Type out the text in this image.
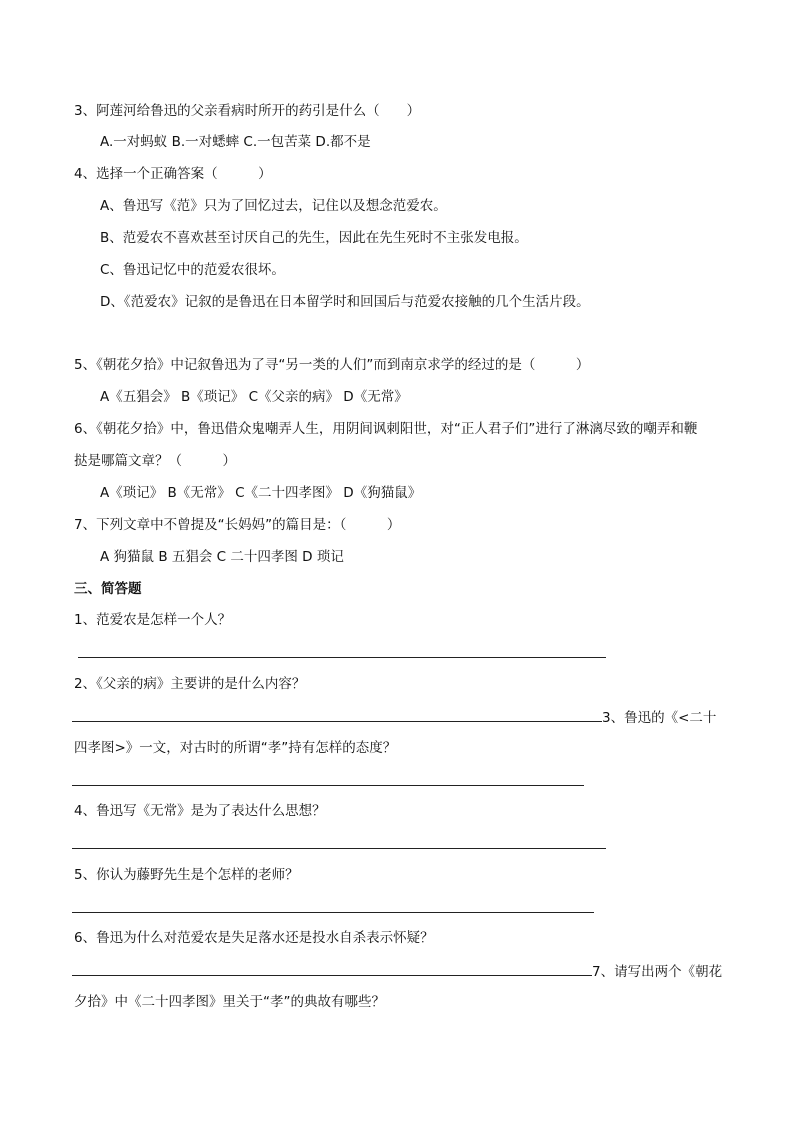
3、阿莲河给鲁迅的父亲看病时所开的药引是什么（　　）
A.一对蚂蚁 B.一对蟋蟀 C.一包苦菜 D.都不是
4、选择一个正确答案（　　　）
A、鲁迅写《范》只为了回忆过去，记住以及想念范爱农。
B、范爱农不喜欢甚至讨厌自己的先生，因此在先生死时不主张发电报。
C、鲁迅记忆中的范爱农很坏。
D、《范爱农》记叙的是鲁迅在日本留学时和回国后与范爱农接触的几个生活片段。
5、《朝花夕拾》中记叙鲁迅为了寻“另一类的人们”而到南京求学的经过的是（　　　）
A《五猖会》 B《琐记》 C《父亲的病》 D《无常》
6、《朝花夕拾》中，鲁迅借众鬼嘲弄人生，用阴间讽刺阳世，对“正人君子们”进行了淋漓尽致的嘲弄和鞭
挞是哪篇文章？（　　　）
A《琐记》 B《无常》 C《二十四孝图》 D《狗猫鼠》
7、下列文章中不曾提及“长妈妈”的篇目是：（　　　）
A 狗猫鼠 B 五猖会 C 二十四孝图 D 琐记
三、简答题
1、范爱农是怎样一个人？
2、《父亲的病》主要讲的是什么内容？
3、鲁迅的《<二十
四孝图>》一文，对古时的所谓“孝”持有怎样的态度？
4、鲁迅写《无常》是为了表达什么思想？
5、你认为藤野先生是个怎样的老师？
6、鲁迅为什么对范爱农是失足落水还是投水自杀表示怀疑？
7、请写出两个《朝花
夕拾》中《二十四孝图》里关于“孝”的典故有哪些？
